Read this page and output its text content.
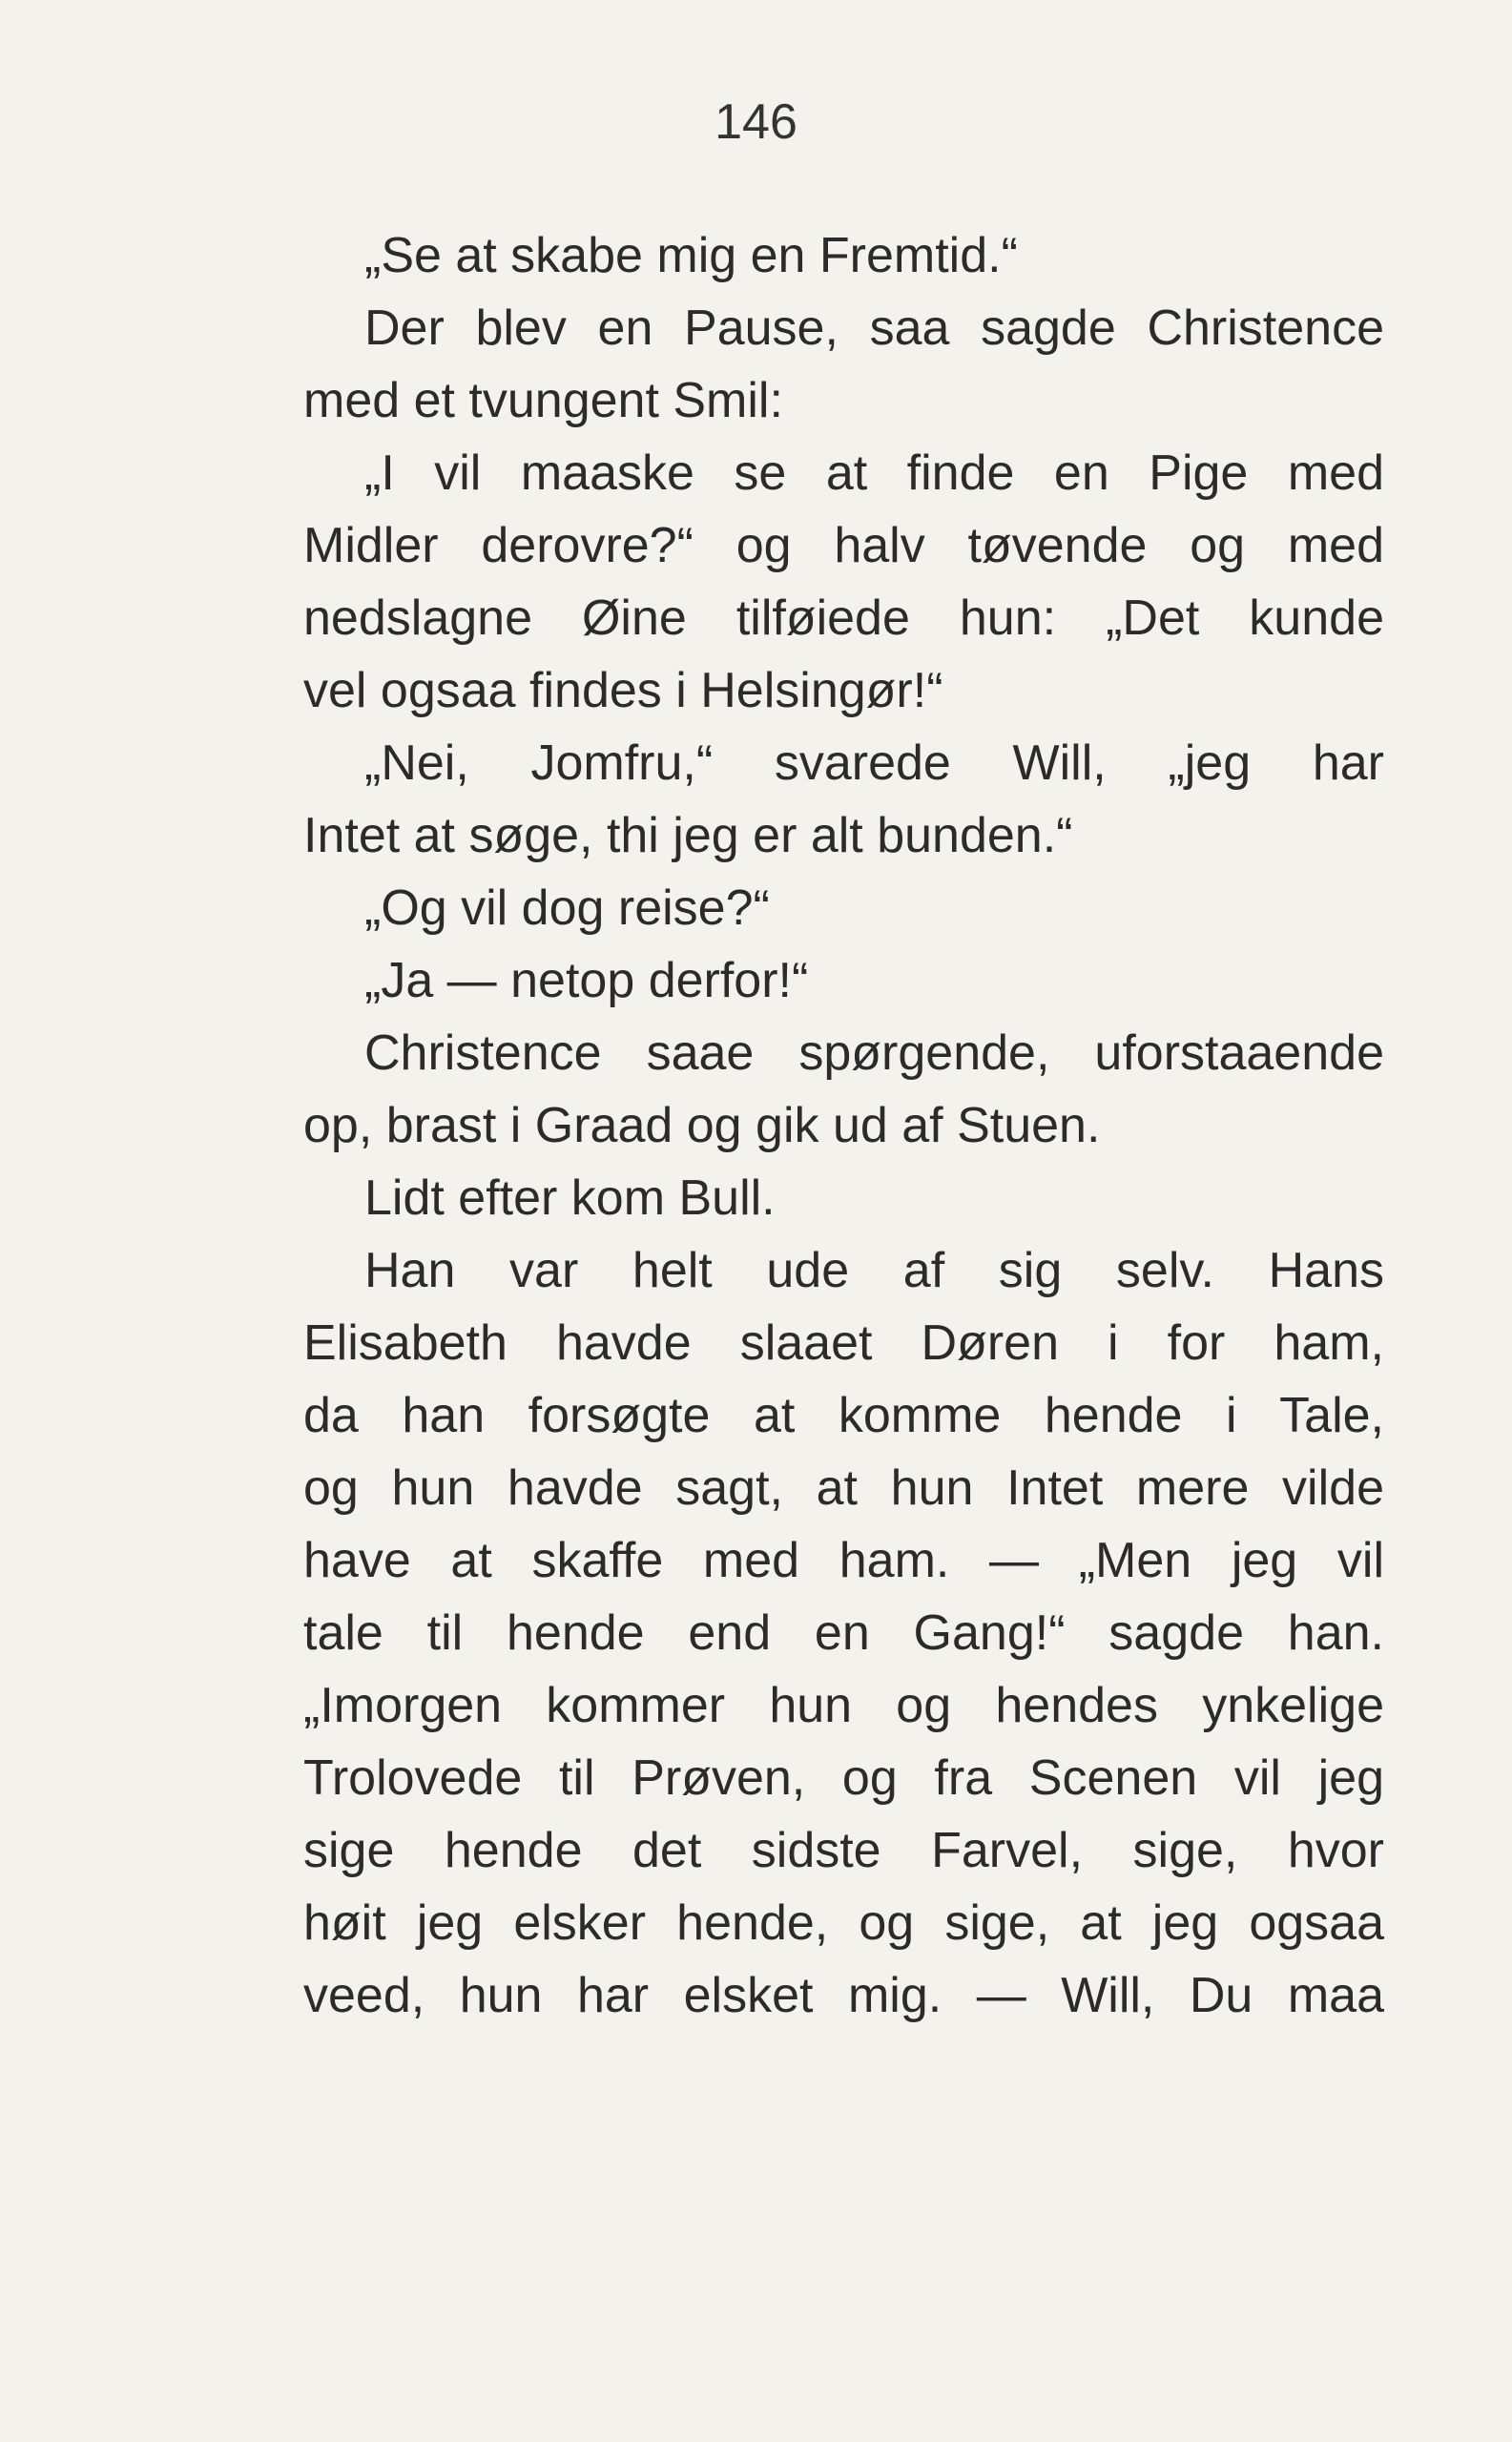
146
„Se at skabe mig en Fremtid.“
Der blev en Pause, saa sagde Christence
med et tvungent Smil:
„I vil maaske se at finde en Pige med
Midler derovre?“ og halv tøvende og med
nedslagne Øine tilføiede hun: „Det kunde
vel ogsaa findes i Helsingør!“
„Nei, Jomfru,“ svarede Will, „jeg har
Intet at søge, thi jeg er alt bunden.“
„Og vil dog reise?“
„Ja — netop derfor!“
Christence saae spørgende, uforstaaende
op, brast i Graad og gik ud af Stuen.
Lidt efter kom Bull.
Han var helt ude af sig selv. Hans
Elisabeth havde slaaet Døren i for ham,
da han forsøgte at komme hende i Tale,
og hun havde sagt, at hun Intet mere vilde
have at skaffe med ham. — „Men jeg vil
tale til hende end en Gang!“ sagde han.
„Imorgen kommer hun og hendes ynkelige
Trolovede til Prøven, og fra Scenen vil jeg
sige hende det sidste Farvel, sige, hvor
høit jeg elsker hende, og sige, at jeg ogsaa
veed, hun har elsket mig. — Will, Du maa
